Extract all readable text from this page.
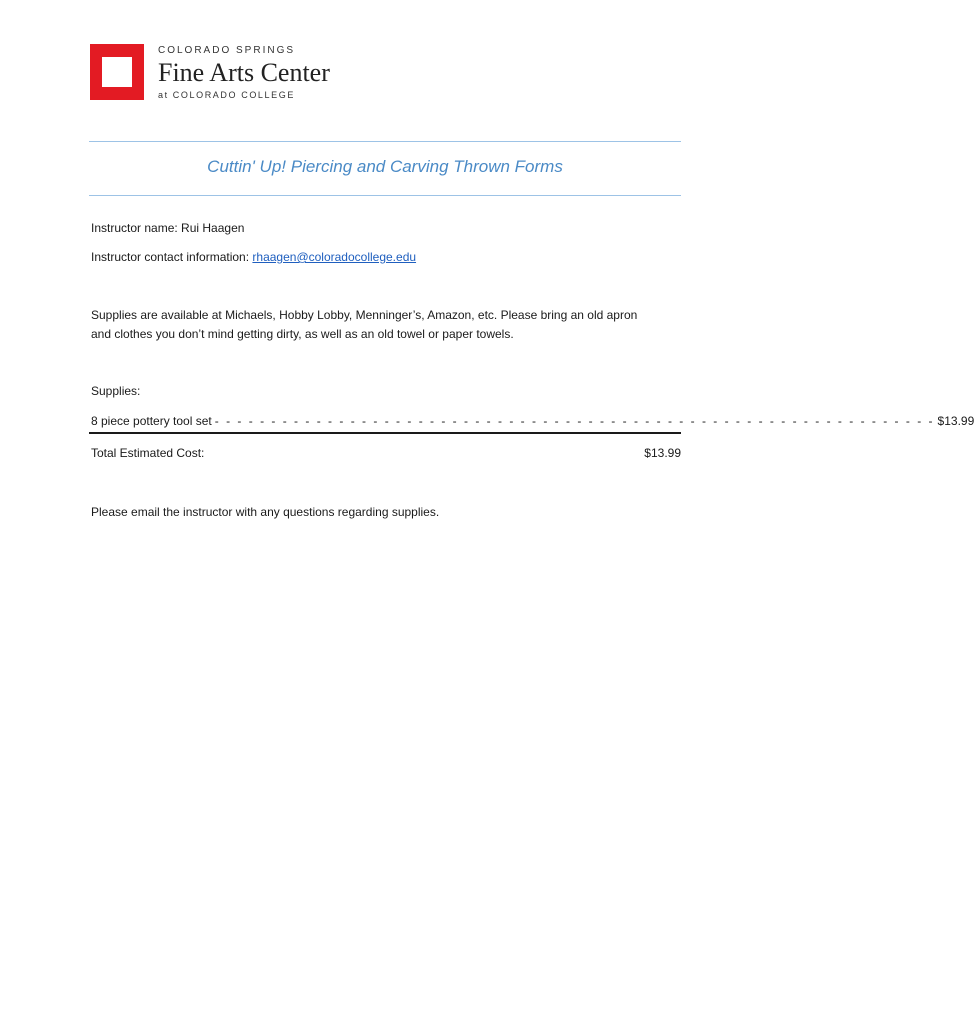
COLORADO SPRINGS
Fine Arts Center
at COLORADO COLLEGE
Cuttin' Up! Piercing and Carving Thrown Forms
Instructor name: Rui Haagen
Instructor contact information: rhaagen@coloradocollege.edu
Supplies are available at Michaels, Hobby Lobby, Menninger’s, Amazon, etc. Please bring an old apron
and clothes you don’t mind getting dirty, as well as an old towel or paper towels.
Supplies:
8 piece pottery tool set - - - - - - - - - - - - - - - - - - - - - - - - - - - - - - - - - - - - - - - - - - - - - - - - - - - - - - - - - - - - - - - - $13.99
Total Estimated Cost:	$13.99
Please email the instructor with any questions regarding supplies.
